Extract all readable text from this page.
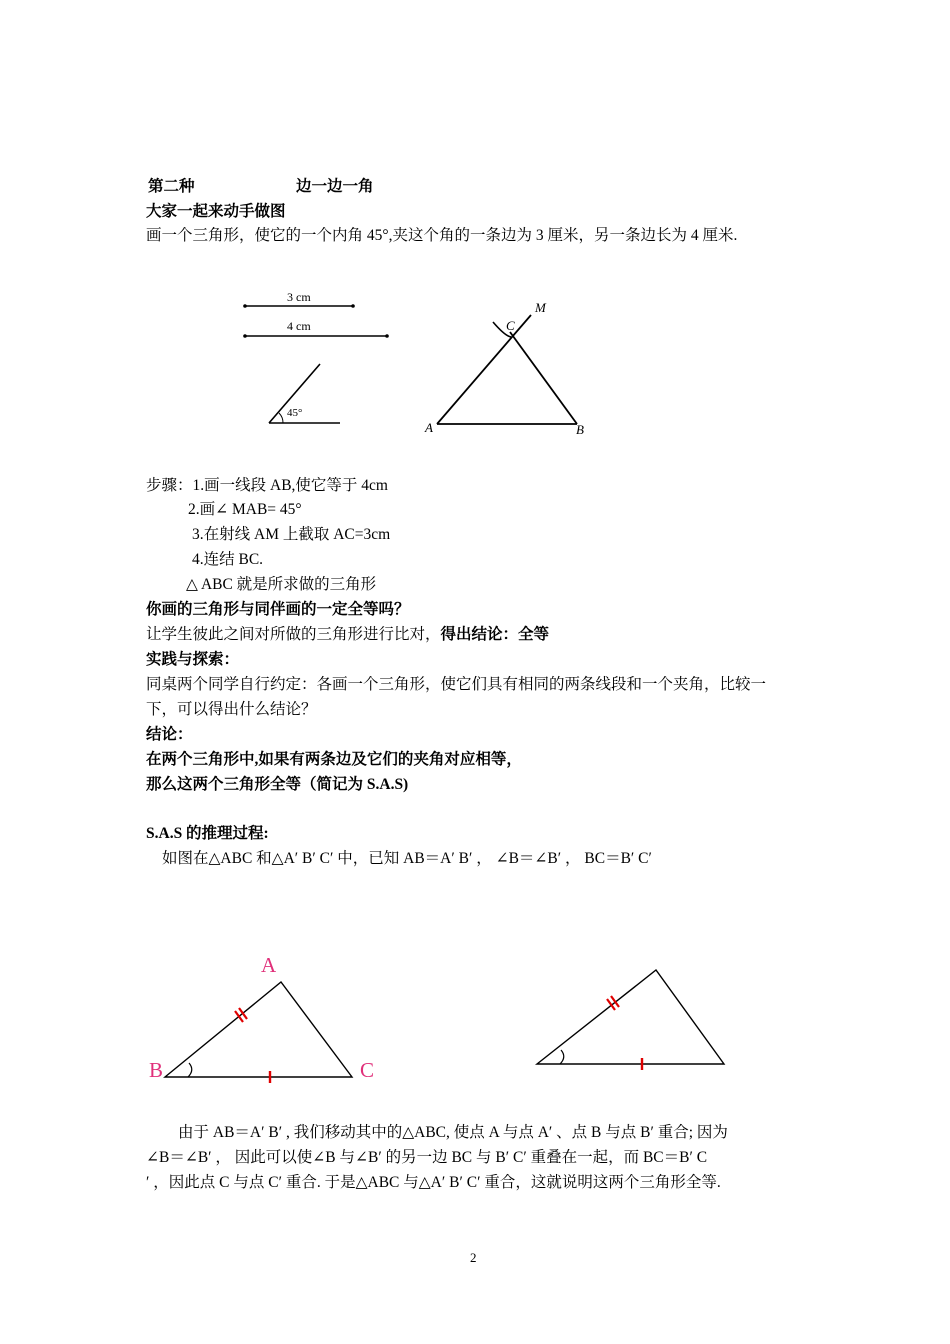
第二种	边一边一角
大家一起来动手做图
画一个三角形，使它的一个内角 45°,夹这个角的一条边为 3 厘米，另一条边长为 4 厘米.
3 cm
4 cm
45°
A	B
C
M
步骤：1.画一线段 AB,使它等于 4cm
2.画∠ MAB= 45°
3.在射线 AM 上截取 AC=3cm
4.连结 BC.
△ ABC 就是所求做的三角形
你画的三角形与同伴画的一定全等吗？
让学生彼此之间对所做的三角形进行比对，得出结论：全等
实践与探索：
同桌两个同学自行约定：各画一个三角形，使它们具有相同的两条线段和一个夹角，比较一
下，可以得出什么结论？
结论：
在两个三角形中,如果有两条边及它们的夹角对应相等，
那么这两个三角形全等（简记为 S.A.S)
S.A.S 的推理过程:
如图在△ABC 和△A′ B′ C′ 中，已知 AB＝A′ B′ ， ∠B＝∠B′ ， BC＝B′ C′
A
B	C
由于 AB＝A′ B′ , 我们移动其中的△ABC, 使点 A 与点 A′ 、点 B 与点 B′ 重合; 因为
∠B＝∠B′ ， 因此可以使∠B 与∠B′ 的另一边 BC 与 B′ C′ 重叠在一起，而 BC＝B′ C
′ ，因此点 C 与点 C′ 重合. 于是△ABC 与△A′ B′ C′ 重合，这就说明这两个三角形全等.
2
